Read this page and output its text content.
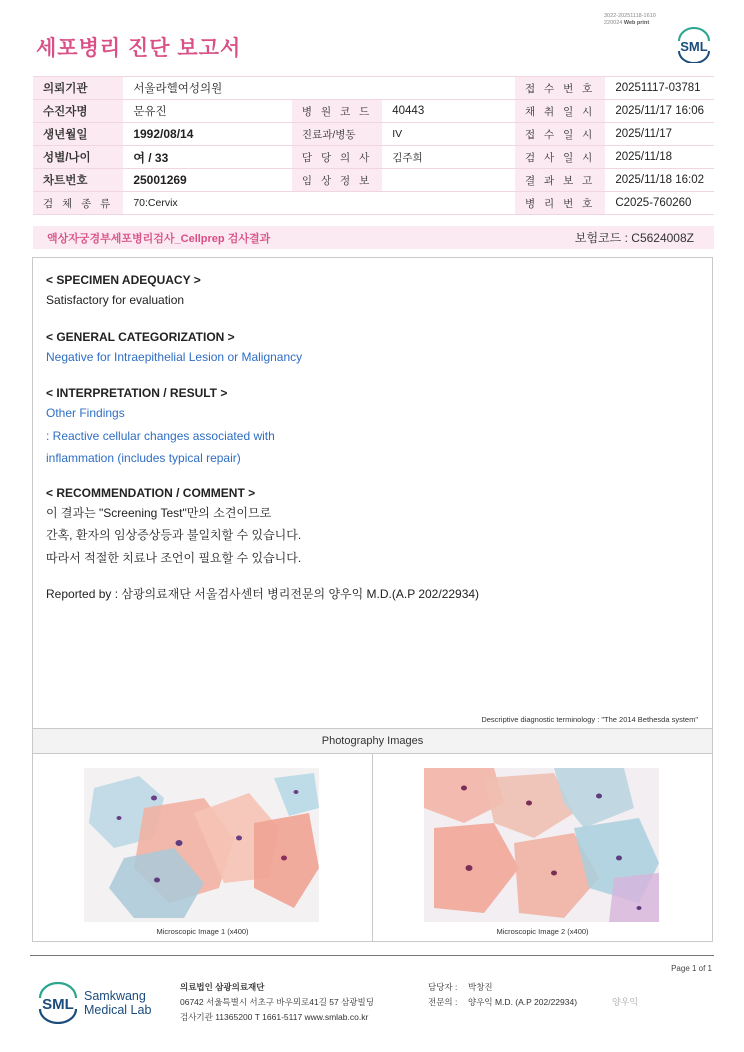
3022-20251118-1610
220024 Web print
세포병리 진단 보고서	SML
의뢰기관	서울라헬여성의원			접 수 번 호	20251117-03781
수진자명	문유진	병 원 코 드	40443	채 취 일 시	2025/11/17 16:06
생년월일	1992/08/14	진료과/병동	IV	접 수 일 시	2025/11/17
성별/나이	여 / 33	담 당 의 사	김주희	검 사 일 시	2025/11/18
차트번호	25001269	임 상 정 보		결 과 보 고	2025/11/18 16:02
검 체 종 류	70:Cervix			병 리 번 호	C2025-760260
액상자궁경부세포병리검사_Cellprep 검사결과	보험코드 : C5624008Z
< SPECIMEN ADEQUACY >
Satisfactory for evaluation
< GENERAL CATEGORIZATION >
Negative for Intraepithelial Lesion or Malignancy
< INTERPRETATION / RESULT >
Other Findings
: Reactive cellular changes associated with
inflammation (includes typical repair)
< RECOMMENDATION / COMMENT >
이 결과는 "Screening Test"만의 소견이므로
간혹, 환자의 임상증상등과 불일치할 수 있습니다.
따라서 적절한 치료나 조언이 필요할 수 있습니다.
Reported by : 삼광의료재단 서울검사센터 병리전문의 양우익 M.D.(A.P 202/22934)
Descriptive diagnostic terminology : "The 2014 Bethesda system"
Photography Images
Microscopic Image 1 (x400)	Microscopic Image 2 (x400)
Page 1 of 1
SML Samkwang
Medical Lab
의료법인 삼광의료재단
06742 서울특별시 서초구 바우뫼로41길 57 삼광빌딩
검사기관 11365200 T 1661-5117 www.smlab.co.kr
담당자 : 박창진
전문의 : 양우익 M.D. (A.P 202/22934)	양우익
